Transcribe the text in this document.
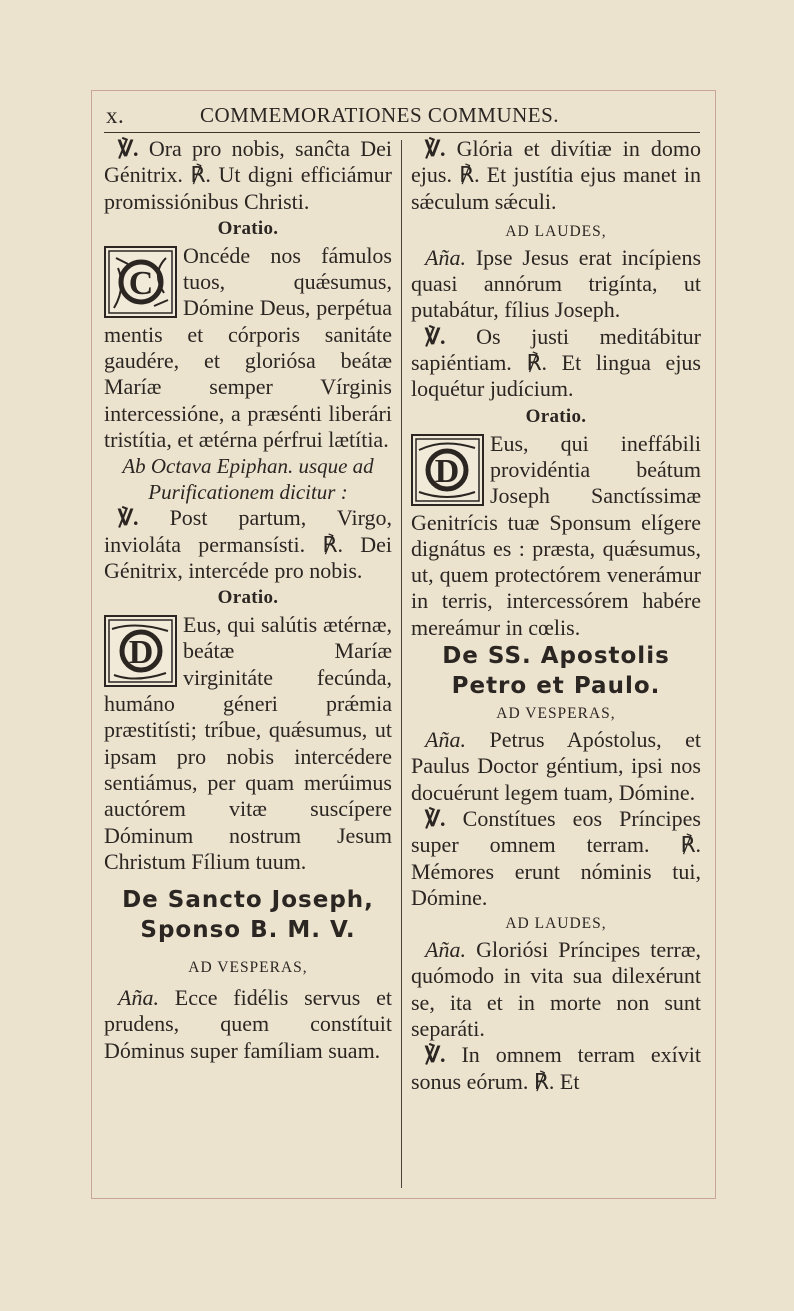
x.	COMMEMORATIONES COMMUNES.

℣. Ora pro nobis, sanĉta Dei Génitrix. ℟. Ut digni efficiámur promissiónibus Christi.

Oratio.
C

Oncéde nos fámulos tuos, quǽsumus, Dómine Deus, perpétua mentis et córporis sanitáte gaudére, et gloriósa beátæ Maríæ semper Vírginis intercessióne, a præsénti liberári tristítia, et ætérna pérfrui lætítia.

Ab Octava Epiphan. usque ad Purificationem dicitur :

℣. Post partum, Virgo, invioláta permansísti. ℟. Dei Génitrix, intercéde pro nobis.

Oratio.
D

Eus, qui salútis ætérnæ, beátæ Maríæ virginitáte fecúnda, humáno géneri prǽmia præstitísti; tríbue, quǽsumus, ut ipsam pro nobis intercédere sentiámus, per quam merúimus auctórem vitæ suscípere Dóminum nostrum Jesum Christum Fílium tuum.

De Sancto Joseph,
Sponso B. M. V.
AD VESPERAS,

Aña. Ecce fidélis servus et prudens, quem constítuit Dóminus super famíliam suam.

℣. Glória et divítiæ in domo ejus. ℟. Et justítia ejus manet in sǽculum sǽculi.

AD LAUDES,

Aña. Ipse Jesus erat incípiens quasi annórum trigínta, ut putabátur, fílius Joseph.

℣. Os justi meditábitur sapiéntiam. ℟. Et lingua ejus loquétur judícium.

Oratio.
D

Eus, qui ineffábili providéntia beátum Joseph Sanctíssimæ Genitrícis tuæ Sponsum elígere dignátus es : præsta, quǽsumus, ut, quem protectórem venerámur in terris, intercessórem habére mereámur in cœlis.

De SS. Apostolis
Petro et Paulo.
AD VESPERAS,

Aña. Petrus Apóstolus, et Paulus Doctor géntium, ipsi nos docuérunt legem tuam, Dómine.

℣. Constítues eos Príncipes super omnem terram. ℟. Mémores erunt nóminis tui, Dómine.

AD LAUDES,

Aña. Gloriósi Príncipes terræ, quómodo in vita sua dilexérunt se, ita et in morte non sunt separáti.

℣. In omnem terram exívit sonus eórum. ℟. Et
